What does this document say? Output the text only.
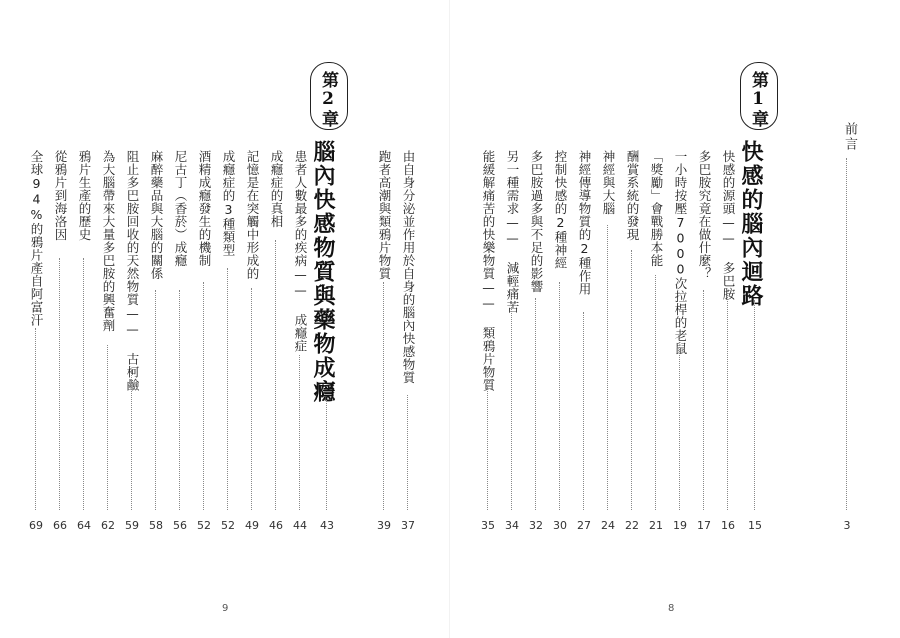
前言
3
第1章
快感的腦內迴路
15
快感的源頭—— 多巴胺
16
多巴胺究竟在做什麼？
17
一小時按壓7000次拉桿的老鼠
19
「獎勵」會戰勝本能
21
酬賞系統的發現
22
神經與大腦
24
神經傳導物質的2種作用
27
控制快感的2種神經
30
多巴胺過多與不足的影響
32
另一種需求—— 減輕痛苦
34
能緩解痛苦的快樂物質—— 類鴉片物質
35
8
由自身分泌並作用於自身的腦內快感物質
37
跑者高潮與類鴉片物質
39
第2章
腦內快感物質與藥物成癮
43
患者人數最多的疾病—— 成癮症
44
成癮症的真相
46
記憶是在突觸中形成的
49
成癮症的3種類型
52
酒精成癮發生的機制
52
尼古丁（香菸）成癮
56
麻醉藥品與大腦的關係
58
阻止多巴胺回收的天然物質—— 古柯鹼
59
為大腦帶來大量多巴胺的興奮劑
62
鴉片生產的歷史
64
從鴉片到海洛因
66
全球94%的鴉片產自阿富汗
69
9
